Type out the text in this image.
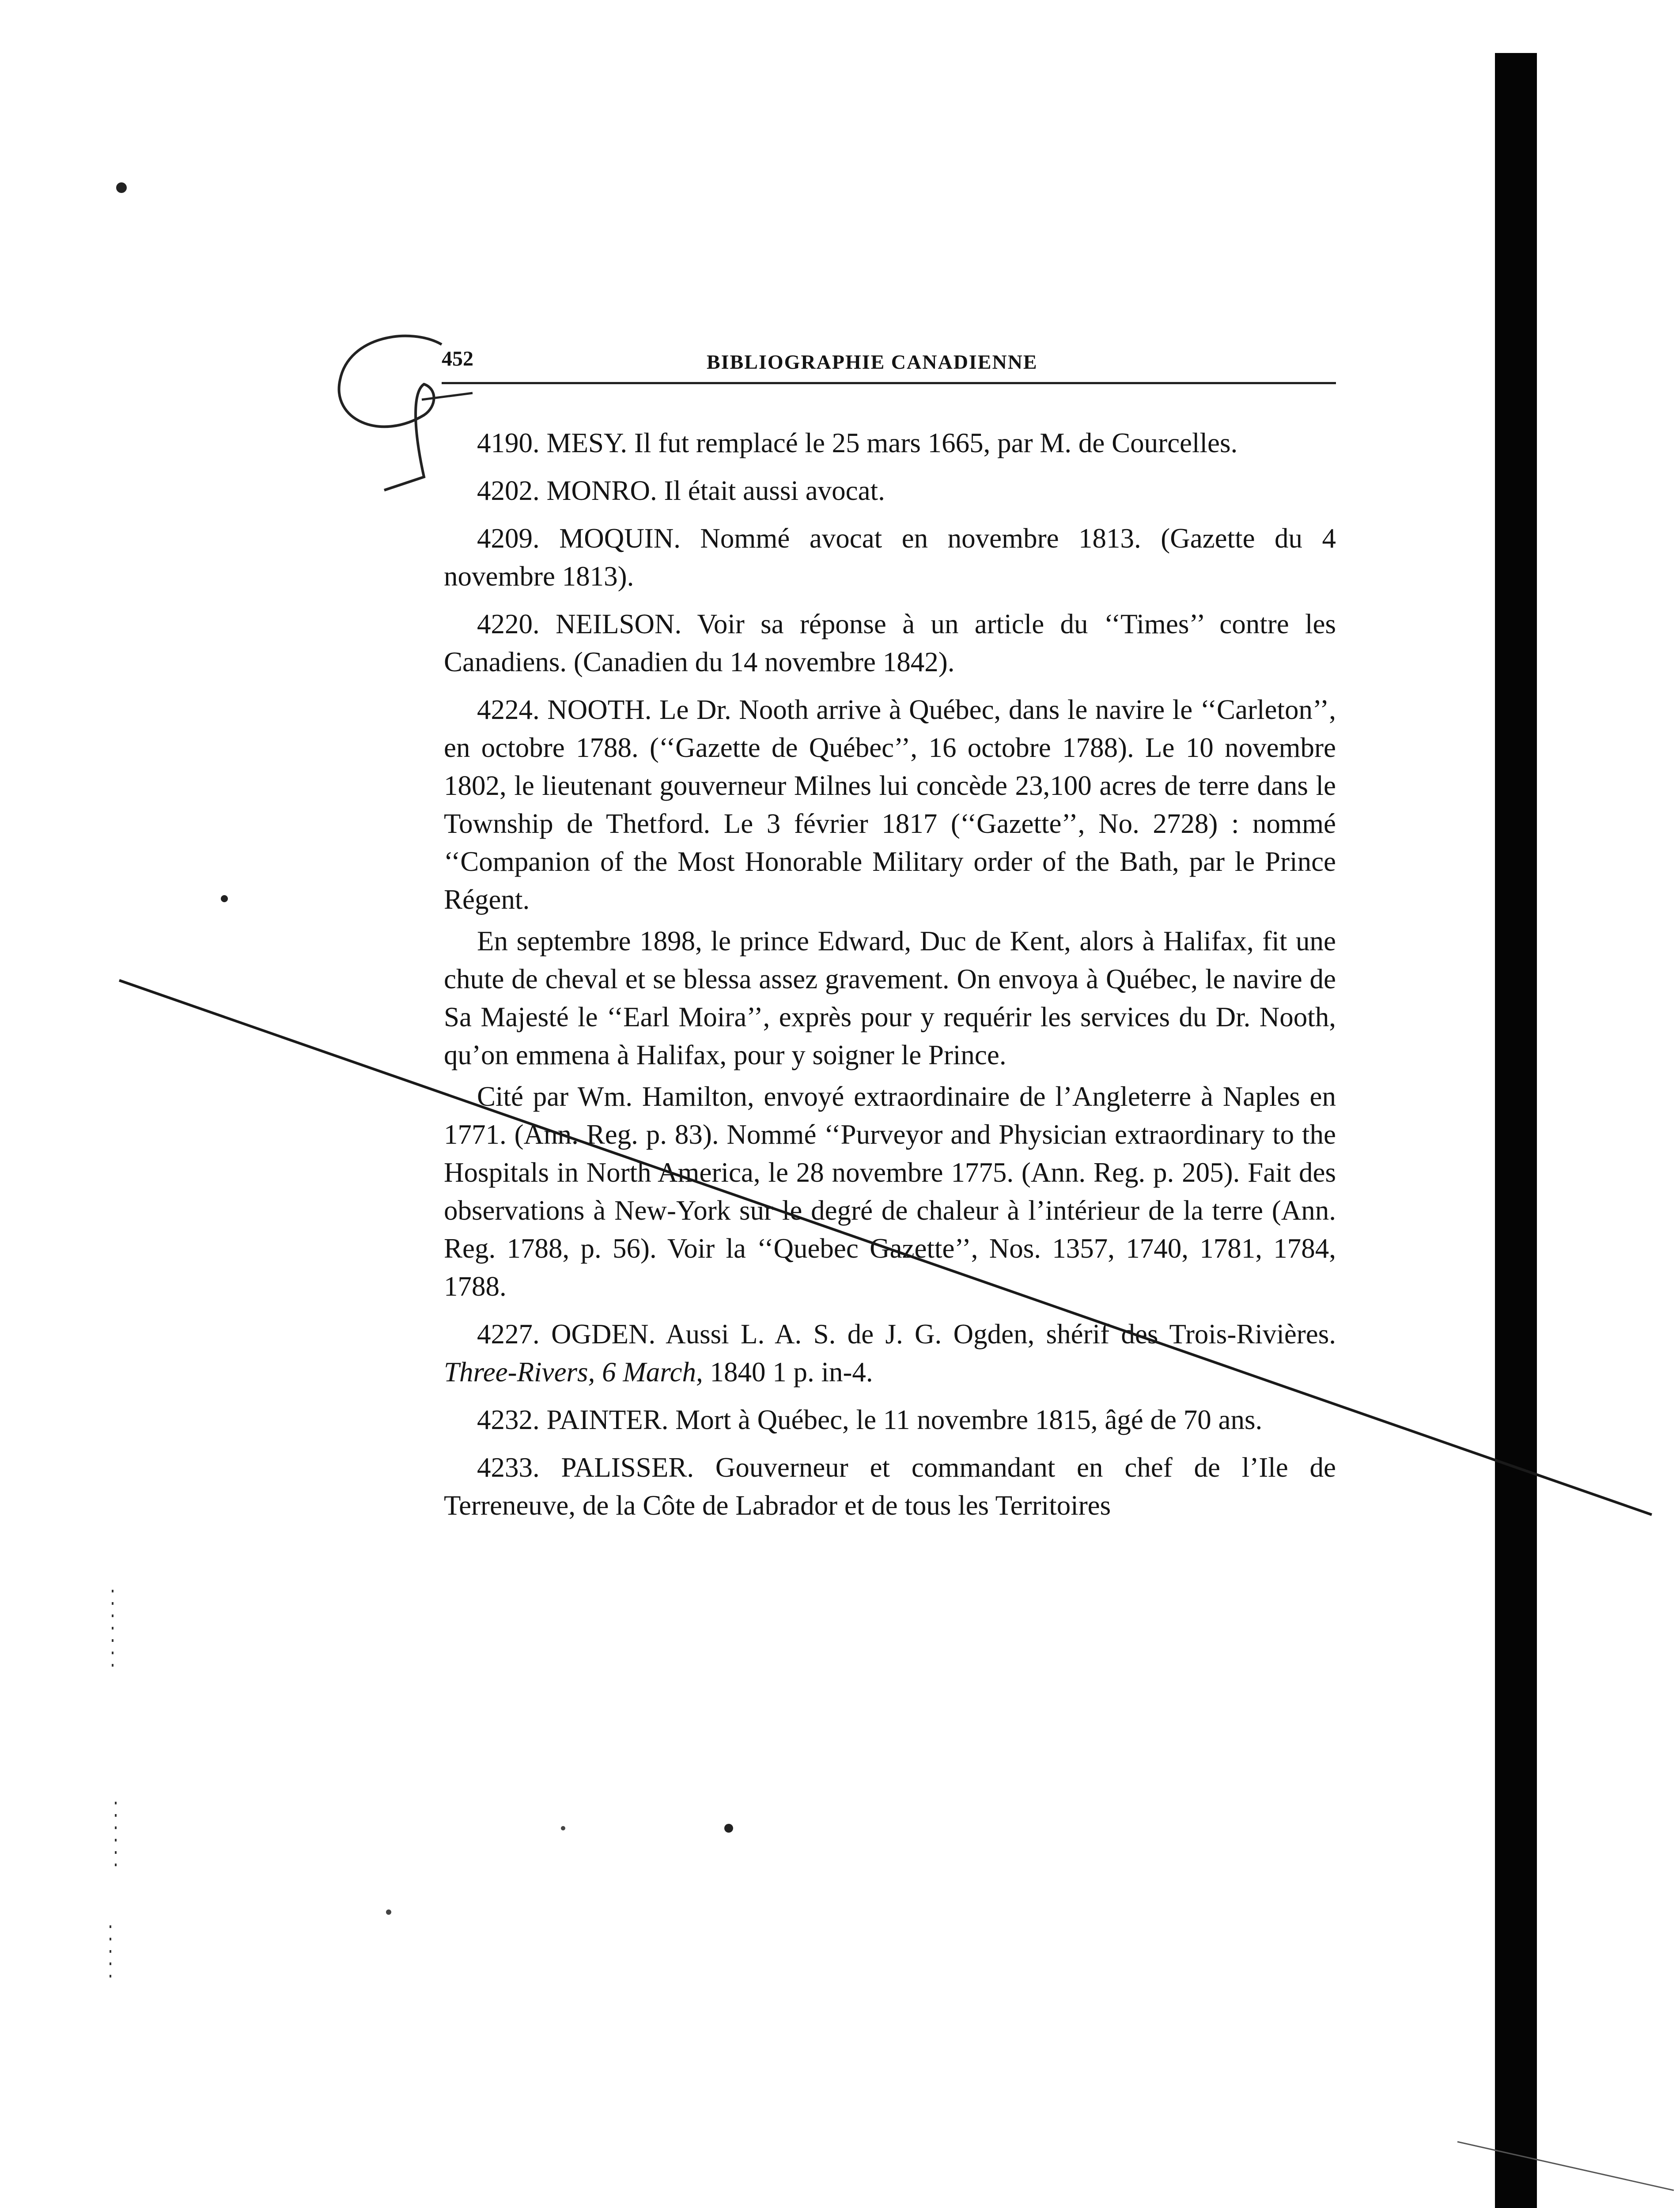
452	BIBLIOGRAPHIE CANADIENNE

4190. MESY. Il fut remplacé le 25 mars 1665, par M. de Courcelles.

4202. MONRO. Il était aussi avocat.

4209. MOQUIN. Nommé avocat en novembre 1813. (Gazette du 4 novembre 1813).

4220. NEILSON. Voir sa réponse à un article du ‘‘Times’’ contre les Canadiens. (Canadien du 14 novembre 1842).

4224. NOOTH. Le Dr. Nooth arrive à Québec, dans le navire le ‘‘Carleton’’, en octobre 1788. (‘‘Gazette de Québec’’, 16 octobre 1788). Le 10 novembre 1802, le lieutenant gouverneur Milnes lui concède 23,100 acres de terre dans le Township de Thetford. Le 3 février 1817 (‘‘Gazette’’, No. 2728) : nommé ‘‘Companion of the Most Honorable Military order of the Bath, par le Prince Régent.

En septembre 1898, le prince Edward, Duc de Kent, alors à Halifax, fit une chute de cheval et se blessa assez gravement. On envoya à Québec, le navire de Sa Majesté le ‘‘Earl Moira’’, exprès pour y requérir les services du Dr. Nooth, qu’on emmena à Halifax, pour y soigner le Prince.

Cité par Wm. Hamilton, envoyé extraordinaire de l’Angleterre à Naples en 1771. (Ann. Reg. p. 83). Nommé ‘‘Purveyor and Physician extraordinary to the Hospitals in North America, le 28 novembre 1775. (Ann. Reg. p. 205). Fait des observations à New-York sur le degré de chaleur à l’intérieur de la terre (Ann. Reg. 1788, p. 56). Voir la ‘‘Quebec Gazette’’, Nos. 1357, 1740, 1781, 1784, 1788.

4227. OGDEN. Aussi L. A. S. de J. G. Ogden, shérif des Trois-Rivières. Three-Rivers, 6 March, 1840 1 p. in-4.

4232. PAINTER. Mort à Québec, le 11 novembre 1815, âgé de 70 ans.

4233. PALISSER. Gouverneur et commandant en chef de l’Ile de Terreneuve, de la Côte de Labrador et de tous les Territoires
